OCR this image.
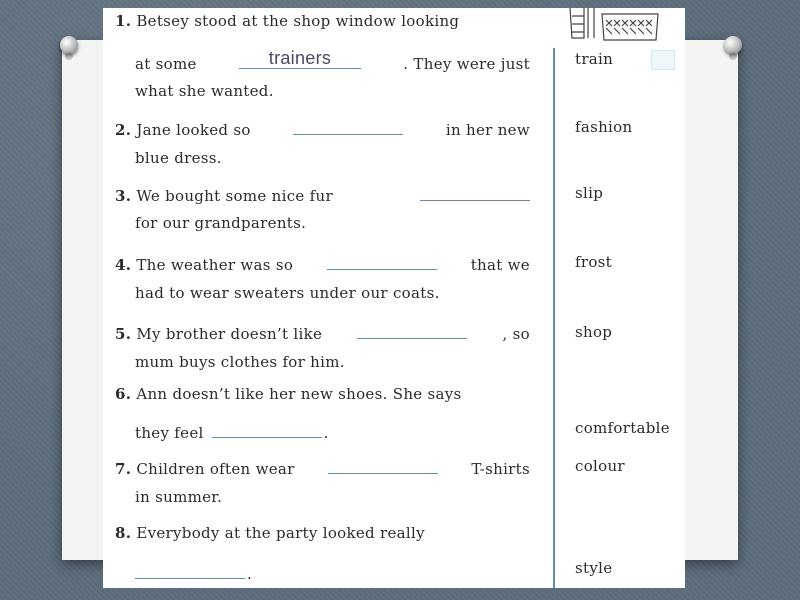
1. Betsey stood at the shop window looking
at some	trainers	. They were just
what she wanted.
2. Jane looked so	in her new
blue dress.
3. We bought some nice fur
for our grandparents.
4. The weather was so	that we
had to wear sweaters under our coats.
5. My brother doesn’t like	, so
mum buys clothes for him.
6. Ann doesn’t like her new shoes. She says
they feel	.
7. Children often wear	T-shirts
in summer.
8. Everybody at the party looked really
.
train
fashion
slip
frost
shop
comfortable
colour
style
